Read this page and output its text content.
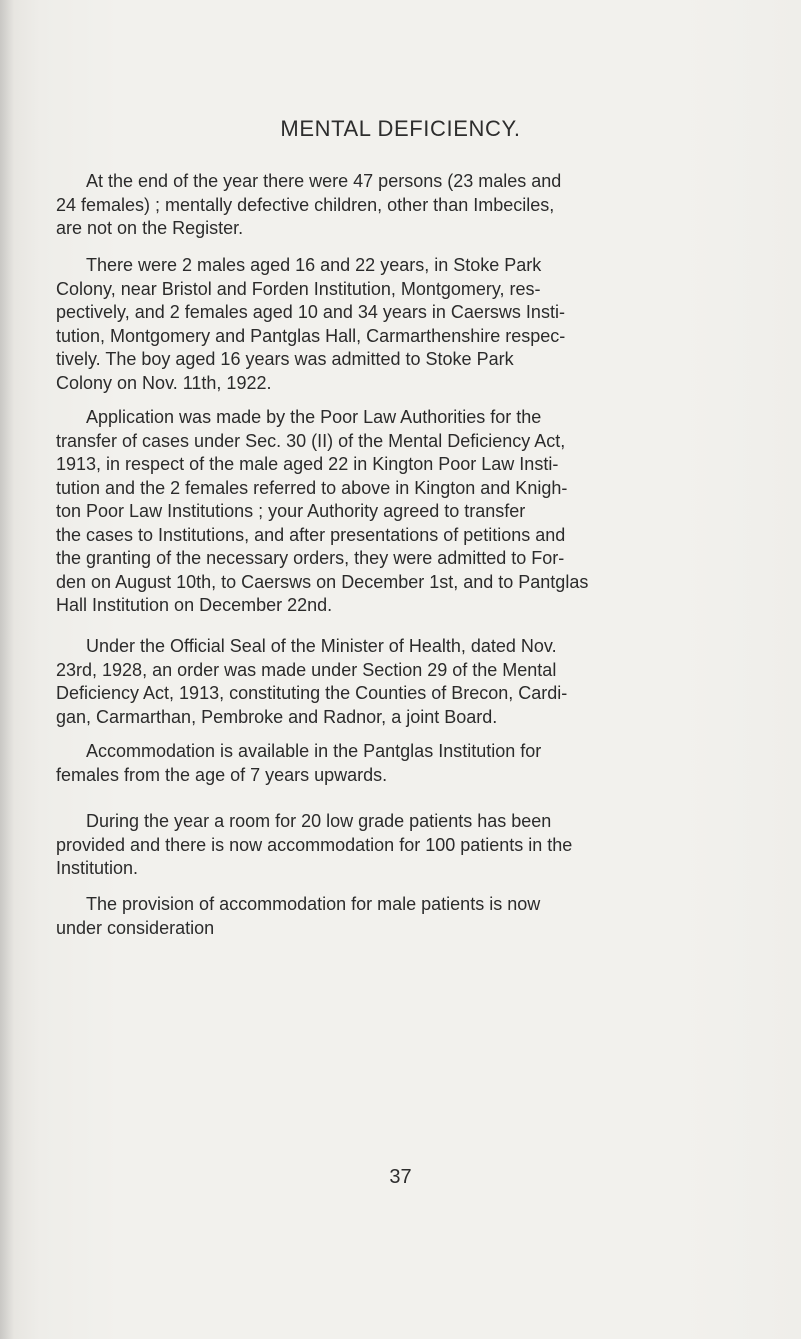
MENTAL DEFICIENCY.

At the end of the year there were 47 persons (23 males and
24 females) ; mentally defective children, other than Imbeciles,
are not on the Register.

There were 2 males aged 16 and 22 years, in Stoke Park
Colony, near Bristol and Forden Institution, Montgomery, res-
pectively, and 2 females aged 10 and 34 years in Caersws Insti-
tution, Montgomery and Pantglas Hall, Carmarthenshire respec-
tively. The boy aged 16 years was admitted to Stoke Park
Colony on Nov. 11th, 1922.

Application was made by the Poor Law Authorities for the
transfer of cases under Sec. 30 (II) of the Mental Deficiency Act,
1913, in respect of the male aged 22 in Kington Poor Law Insti-
tution and the 2 females referred to above in Kington and Knigh-
ton Poor Law Institutions ; your Authority agreed to transfer
the cases to Institutions, and after presentations of petitions and
the granting of the necessary orders, they were admitted to For-
den on August 10th, to Caersws on December 1st, and to Pantglas
Hall Institution on December 22nd.

Under the Official Seal of the Minister of Health, dated Nov.
23rd, 1928, an order was made under Section 29 of the Mental
Deficiency Act, 1913, constituting the Counties of Brecon, Cardi-
gan, Carmarthan, Pembroke and Radnor, a joint Board.

Accommodation is available in the Pantglas Institution for
females from the age of 7 years upwards.

During the year a room for 20 low grade patients has been
provided and there is now accommodation for 100 patients in the
Institution.

The provision of accommodation for male patients is now
under consideration

37
